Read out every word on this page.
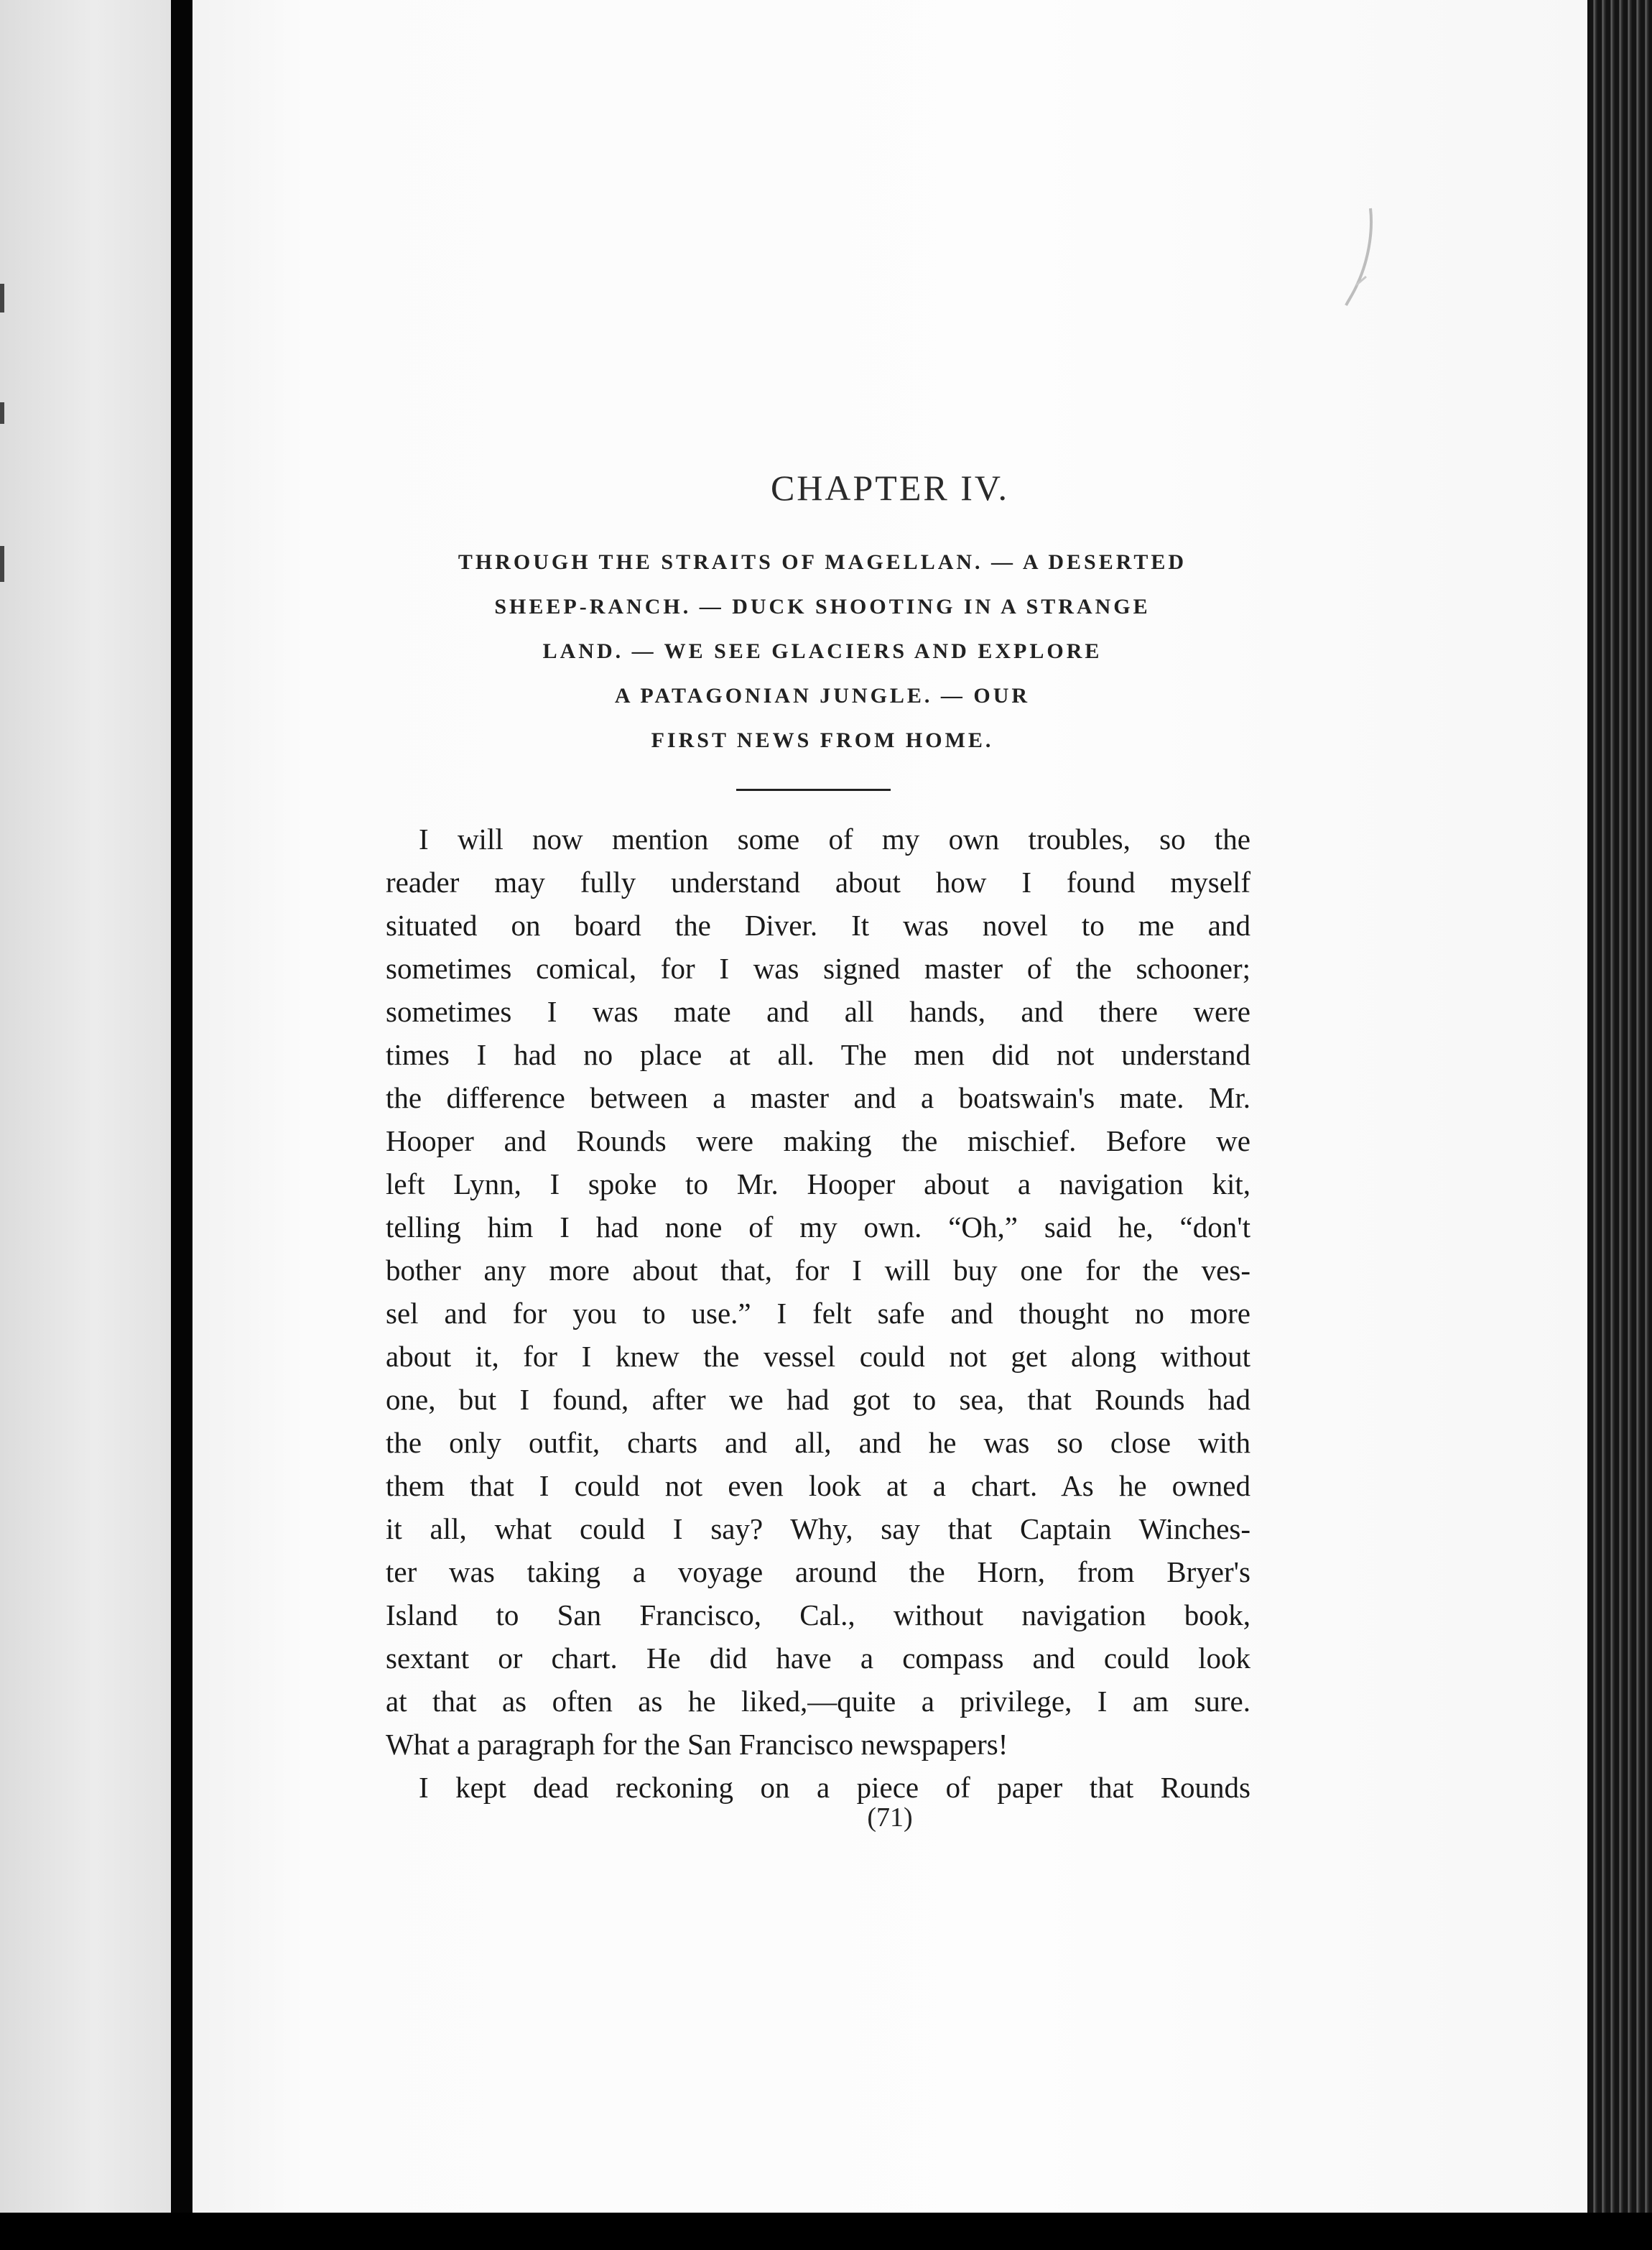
CHAPTER IV.
THROUGH THE STRAITS OF MAGELLAN. — A DESERTED
SHEEP-RANCH. — DUCK SHOOTING IN A STRANGE
LAND. — WE SEE GLACIERS AND EXPLORE
A PATAGONIAN JUNGLE. — OUR
FIRST NEWS FROM HOME.
I will now mention some of my own troubles, so the
reader may fully understand about how I found myself
situated on board the Diver. It was novel to me and
sometimes comical, for I was signed master of the schooner;
sometimes I was mate and all hands, and there were
times I had no place at all. The men did not understand
the difference between a master and a boatswain's mate. Mr.
Hooper and Rounds were making the mischief. Before we
left Lynn, I spoke to Mr. Hooper about a navigation kit,
telling him I had none of my own. “Oh,” said he, “don't
bother any more about that, for I will buy one for the ves-
sel and for you to use.” I felt safe and thought no more
about it, for I knew the vessel could not get along without
one, but I found, after we had got to sea, that Rounds had
the only outfit, charts and all, and he was so close with
them that I could not even look at a chart. As he owned
it all, what could I say? Why, say that Captain Winches-
ter was taking a voyage around the Horn, from Bryer's
Island to San Francisco, Cal., without navigation book,
sextant or chart. He did have a compass and could look
at that as often as he liked,—quite a privilege, I am sure.
What a paragraph for the San Francisco newspapers!
I kept dead reckoning on a piece of paper that Rounds
(71)
